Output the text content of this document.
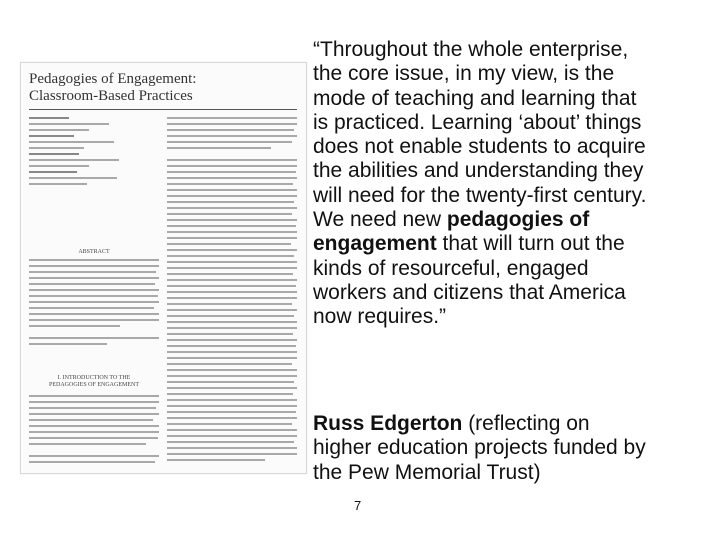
Pedagogies of Engagement:
Classroom-Based Practices
ABSTRACT
I. INTRODUCTION TO THE PEDAGOGIES OF ENGAGEMENT
“Throughout the whole enterprise,
the core issue, in my view, is the
mode of teaching and learning that
is practiced. Learning ‘about’ things
does not enable students to acquire
the abilities and understanding they
will need for the twenty-first century.
We need new pedagogies of
engagement that will turn out the
kinds of resourceful, engaged
workers and citizens that America
now requires.”
Russ Edgerton (reflecting on
higher education projects funded by
the Pew Memorial Trust)
7
